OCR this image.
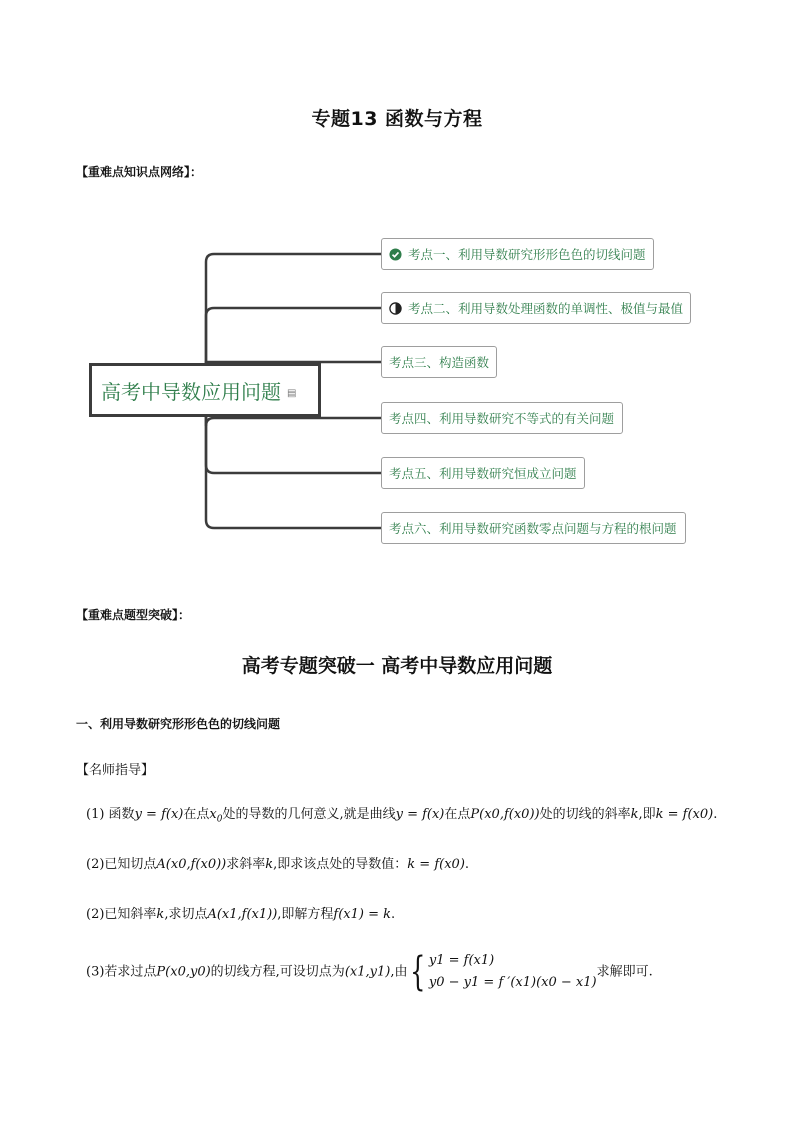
专题13 函数与方程
【重难点知识点网络】：
高考中导数应用问题 ▤
考点一、利用导数研究形形色色的切线问题
考点二、利用导数处理函数的单调性、极值与最值
考点三、构造函数
考点四、利用导数研究不等式的有关问题
考点五、利用导数研究恒成立问题
考点六、利用导数研究函数零点问题与方程的根问题
【重难点题型突破】：
高考专题突破一 高考中导数应用问题
一、利用导数研究形形色色的切线问题
【名师指导】
(1) 函数y = f(x)在点$x_0$处的导数的几何意义,就是曲线y = f(x)在点P(x0,f(x0))处的切线的斜率k,即k = f(x0).
(2)已知切点A(x0,f(x0))求斜率k,即求该点处的导数值：k = f(x0).
(2)已知斜率k,求切点A(x1,f(x1)),即解方程f(x1) = k.
(3)若求过点P(x0,y0)的切线方程,可设切点为(x1,y1),由{ y1 = f(x1)
y0 − y1 = f ′(x1)(x0 − x1)
求解即可.
